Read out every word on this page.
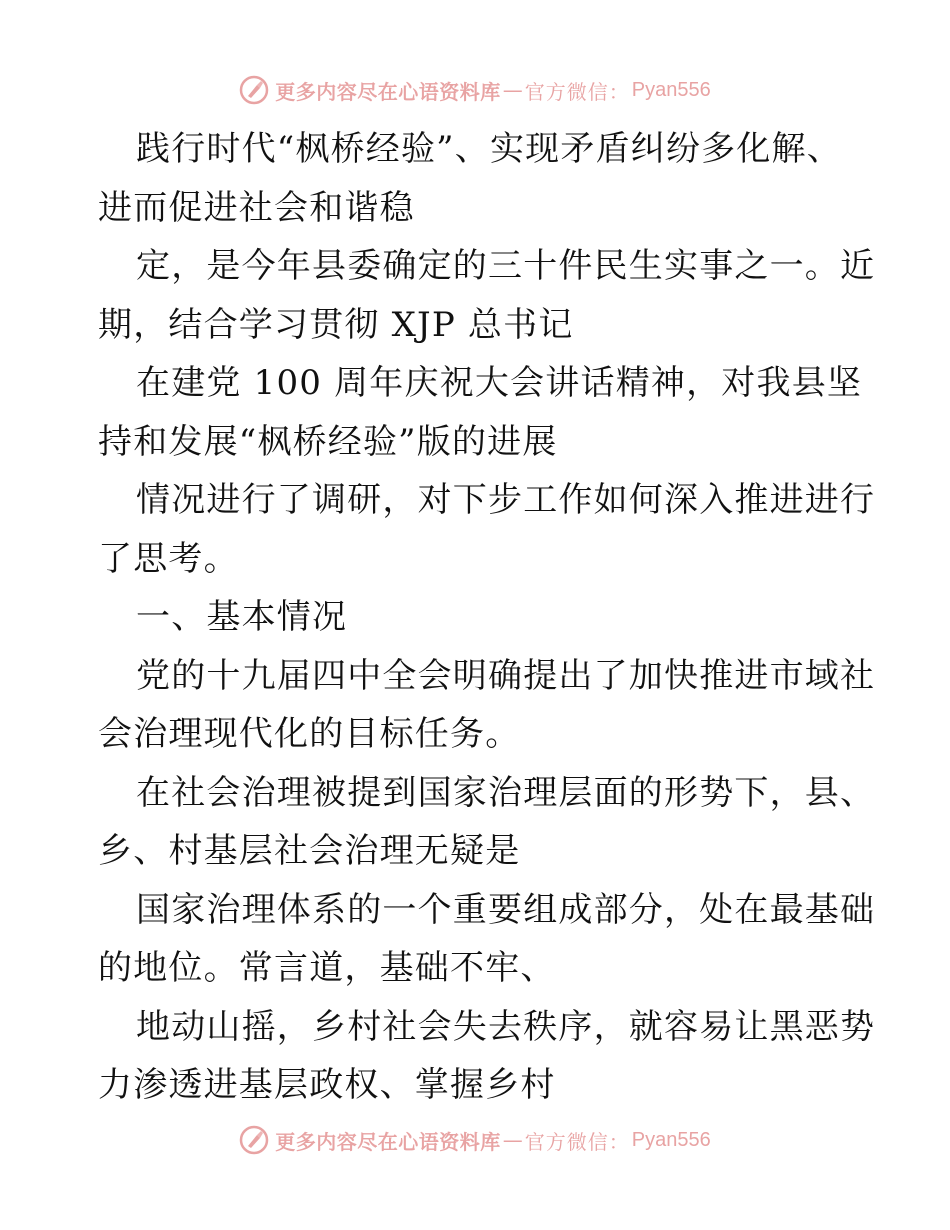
更多内容尽在心语资料库 — 官方微信： Pyan556
践行时代“枫桥经验”、实现矛盾纠纷多化解、
进而促进社会和谐稳
定，是今年县委确定的三十件民生实事之一。近
期，结合学习贯彻 XJP 总书记
在建党 100 周年庆祝大会讲话精神，对我县坚
持和发展“枫桥经验”版的进展
情况进行了调研，对下步工作如何深入推进进行
了思考。
一、基本情况
党的十九届四中全会明确提出了加快推进市域社
会治理现代化的目标任务。
在社会治理被提到国家治理层面的形势下，县、
乡、村基层社会治理无疑是
国家治理体系的一个重要组成部分，处在最基础
的地位。常言道，基础不牢、
地动山摇，乡村社会失去秩序，就容易让黑恶势
力渗透进基层政权、掌握乡村
更多内容尽在心语资料库 — 官方微信： Pyan556
